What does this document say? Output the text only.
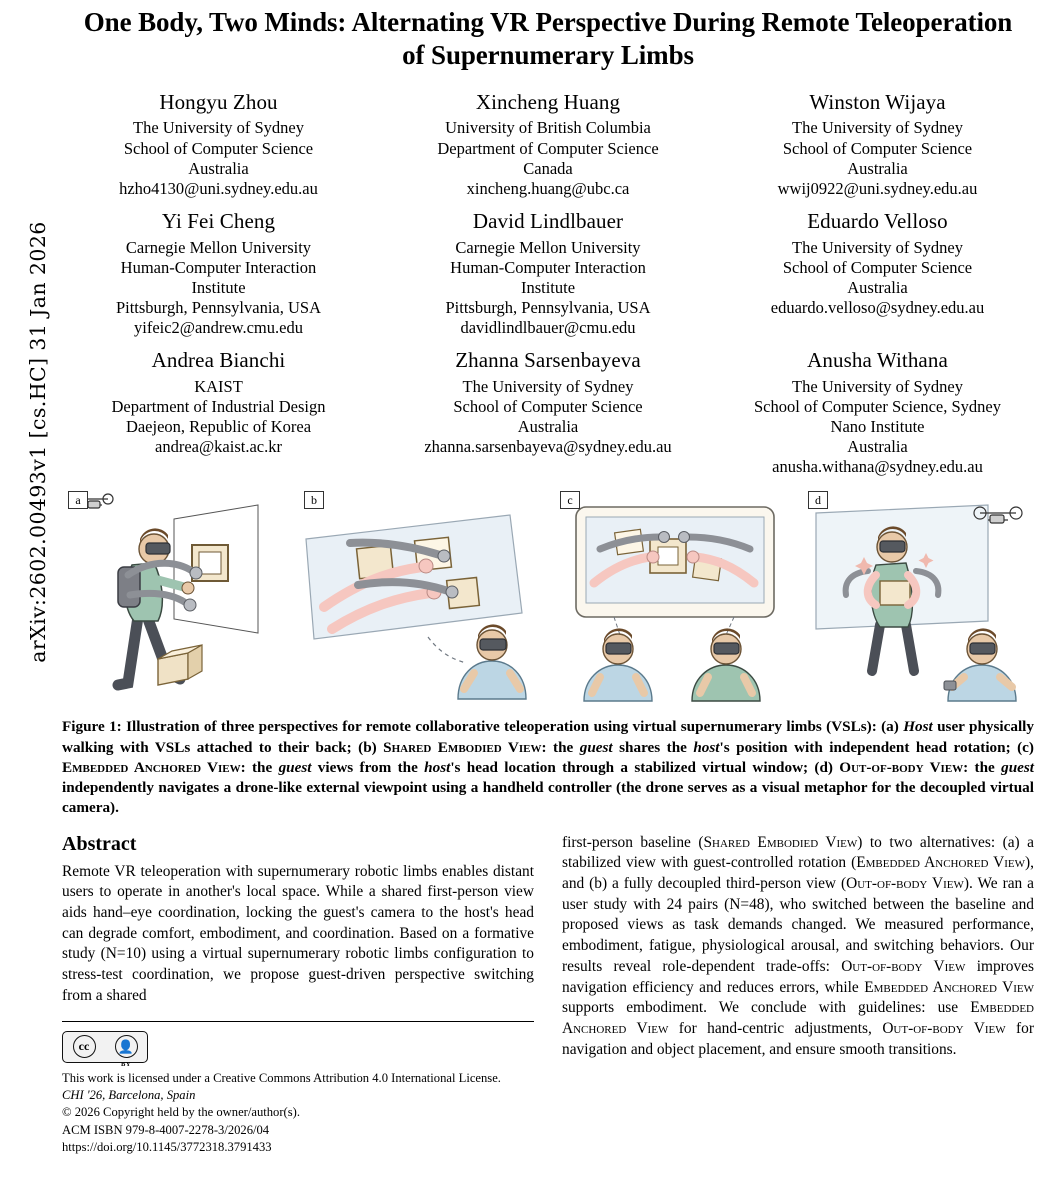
arXiv:2602.00493v1 [cs.HC] 31 Jan 2026
One Body, Two Minds: Alternating VR Perspective During Remote Teleoperation of Supernumerary Limbs
Hongyu Zhou
The University of Sydney
School of Computer Science
Australia
hzho4130@uni.sydney.edu.au
Xincheng Huang
University of British Columbia
Department of Computer Science
Canada
xincheng.huang@ubc.ca
Winston Wijaya
The University of Sydney
School of Computer Science
Australia
wwij0922@uni.sydney.edu.au
Yi Fei Cheng
Carnegie Mellon University
Human-Computer Interaction
Institute
Pittsburgh, Pennsylvania, USA
yifeic2@andrew.cmu.edu
David Lindlbauer
Carnegie Mellon University
Human-Computer Interaction
Institute
Pittsburgh, Pennsylvania, USA
davidlindlbauer@cmu.edu
Eduardo Velloso
The University of Sydney
School of Computer Science
Australia
eduardo.velloso@sydney.edu.au
Andrea Bianchi
KAIST
Department of Industrial Design
Daejeon, Republic of Korea
andrea@kaist.ac.kr
Zhanna Sarsenbayeva
The University of Sydney
School of Computer Science
Australia
zhanna.sarsenbayeva@sydney.edu.au
Anusha Withana
The University of Sydney
School of Computer Science, Sydney
Nano Institute
Australia
anusha.withana@sydney.edu.au
a	b	c	d
Figure 1: Illustration of three perspectives for remote collaborative teleoperation using virtual supernumerary limbs (VSLs): (a) Host user physically walking with VSLs attached to their back; (b) Shared Embodied View: the guest shares the host's position with independent head rotation; (c) Embedded Anchored View: the guest views from the host's head location through a stabilized virtual window; (d) Out-of-body View: the guest independently navigates a drone-like external viewpoint using a handheld controller (the drone serves as a visual metaphor for the decoupled virtual camera).
Abstract
Remote VR teleoperation with supernumerary robotic limbs enables distant users to operate in another's local space. While a shared first-person view aids hand–eye coordination, locking the guest's camera to the host's head can degrade comfort, embodiment, and coordination. Based on a formative study (N=10) using a virtual supernumerary robotic limbs configuration to stress-test coordination, we propose guest-driven perspective switching from a shared
cc 👤
BY
This work is licensed under a Creative Commons Attribution 4.0 International License.
CHI '26, Barcelona, Spain
© 2026 Copyright held by the owner/author(s).
ACM ISBN 979-8-4007-2278-3/2026/04
https://doi.org/10.1145/3772318.3791433
first-person baseline (Shared Embodied View) to two alternatives: (a) a stabilized view with guest-controlled rotation (Embedded Anchored View), and (b) a fully decoupled third-person view (Out-of-body View). We ran a user study with 24 pairs (N=48), who switched between the baseline and proposed views as task demands changed. We measured performance, embodiment, fatigue, physiological arousal, and switching behaviors. Our results reveal role-dependent trade-offs: Out-of-body View improves navigation efficiency and reduces errors, while Embedded Anchored View supports embodiment. We conclude with guidelines: use Embedded Anchored View for hand-centric adjustments, Out-of-body View for navigation and object placement, and ensure smooth transitions.
